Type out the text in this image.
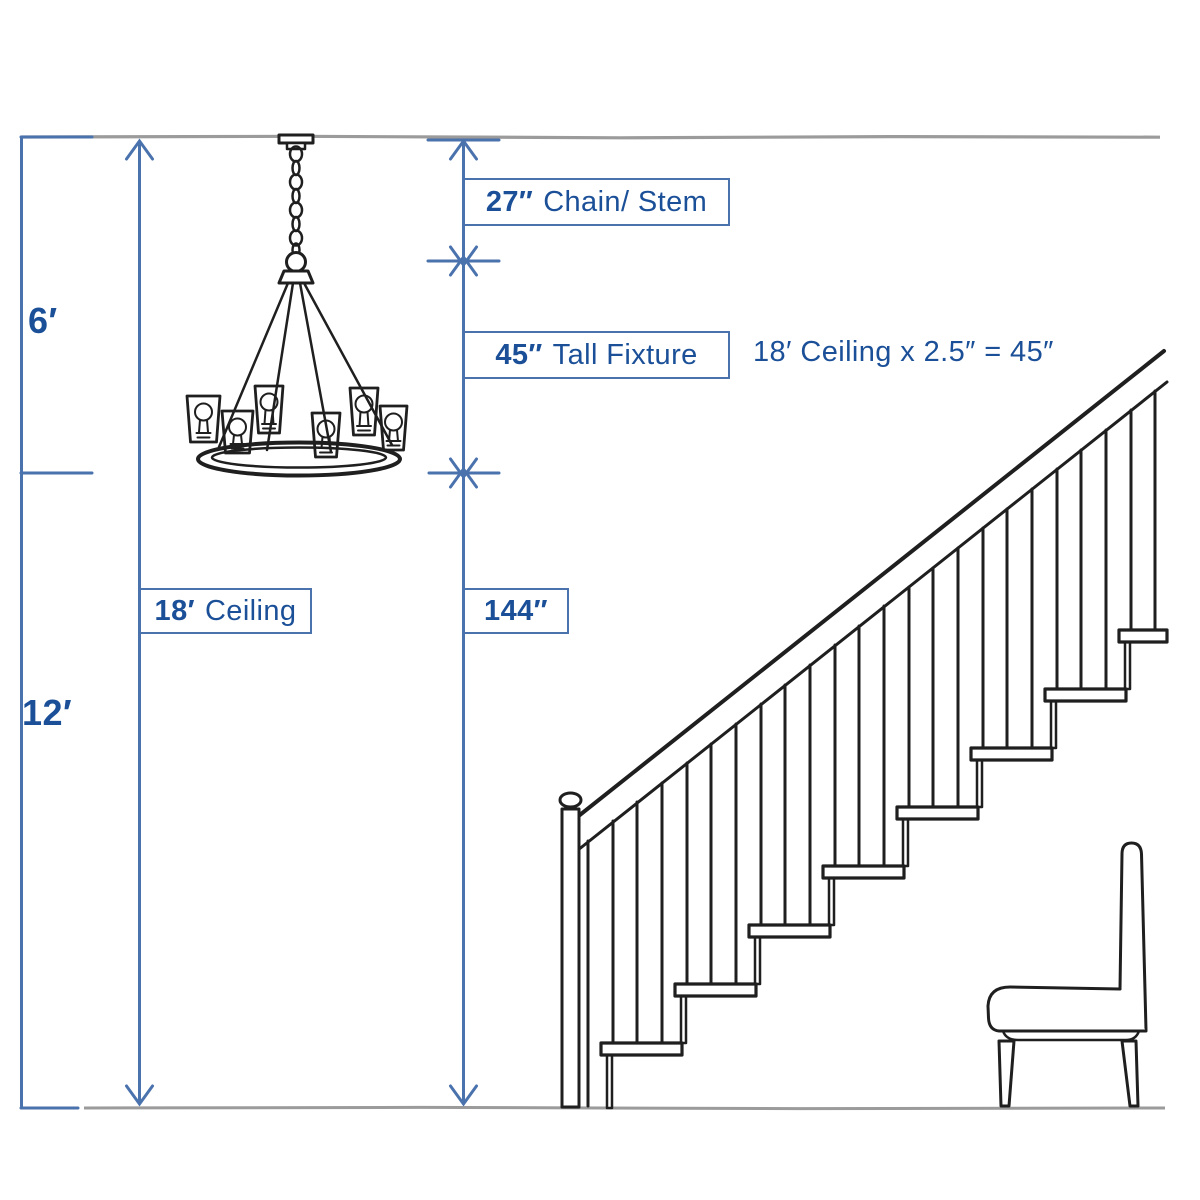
6′
12′
27″ Chain/ Stem
45″ Tall Fixture 18′ Ceiling x 2.5″ = 45″
18′ Ceiling	144″
